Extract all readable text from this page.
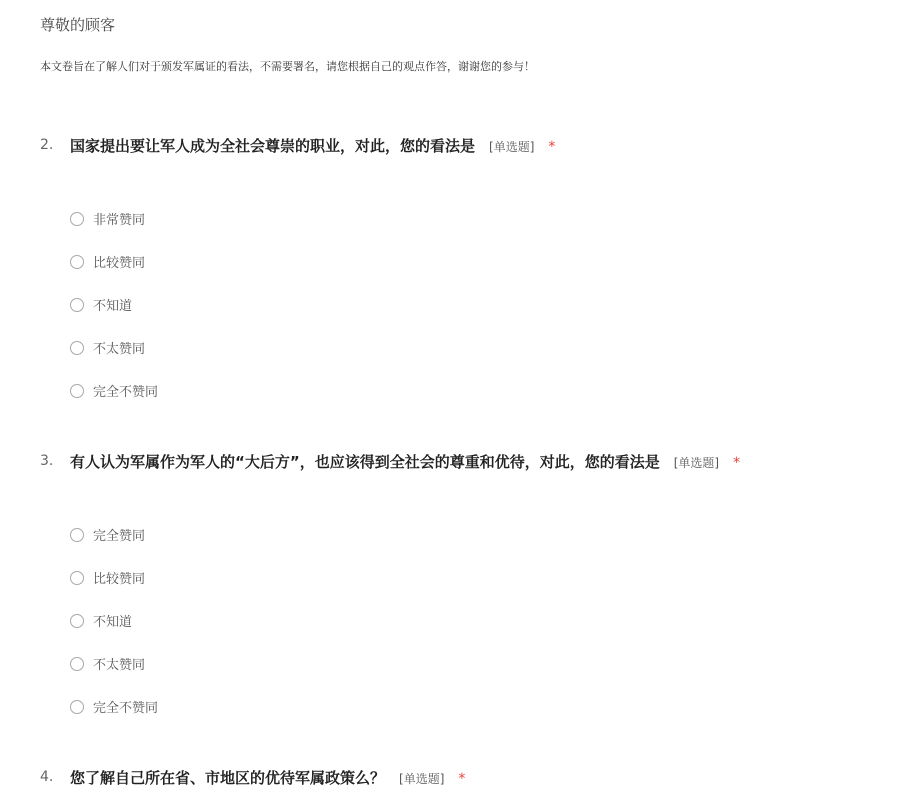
尊敬的顾客
本文卷旨在了解人们对于颁发军属证的看法，不需要署名，请您根据自己的观点作答，谢谢您的参与！
2. 国家提出要让军人成为全社会尊崇的职业，对此，您的看法是 [单选题] *
非常赞同
比较赞同
不知道
不太赞同
完全不赞同
3. 有人认为军属作为军人的“大后方”，也应该得到全社会的尊重和优待，对此，您的看法是 [单选题] *
完全赞同
比较赞同
不知道
不太赞同
完全不赞同
4. 您了解自己所在省、市地区的优待军属政策么？ [单选题] *
